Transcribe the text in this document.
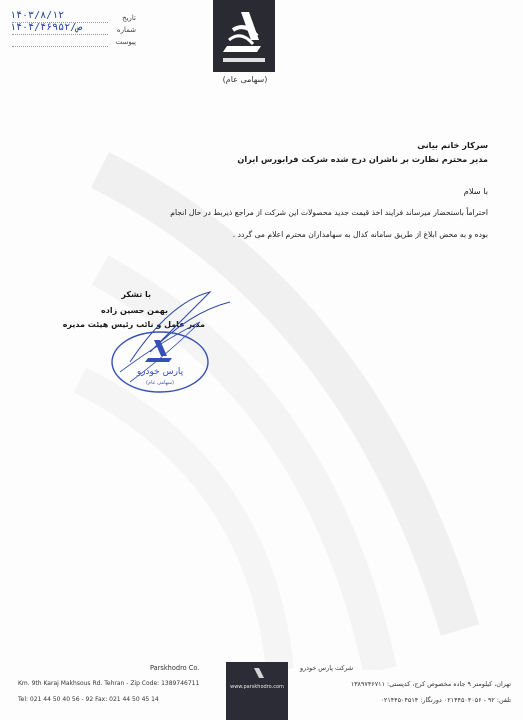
تاریخ
۱۴۰۳/۸/۱۲
شماره
۱۴۰۴/ص/۴۶۹۵۲
پیوست
(سهامی عام)
سرکار خانم بیانی
مدیر محترم نظارت بر ناشران درج شده شرکت فرابورس ایران
با سلام
احتراماً باستحضار میرساند فرایند اخذ قیمت جدید محصولات این شرکت از مراجع ذیربط در حال انجام
بوده و به محض ابلاغ از طریق سامانه کدال به سهامداران محترم اعلام می گردد .
با تشکر
بهمن حسین زاده
مدیر عامل و نائب رئیس هیئت مدیره
پارس خودرو
(سهامی عام)
www.parskhodro.com
Parskhodro Co.
Km. 9th Karaj Makhsous Rd. Tehran - Zip Code: 1389746711
Tel: 021 44 50 40 56 - 92 Fax: 021 44 50 45 14
شرکت پارس خودرو
تهران، کیلومتر ۹ جاده مخصوص کرج، کدپستی: ۱۳۸۹۷۴۶۷۱۱
تلفن: ۹۲ - ۰۲۱۴۴۵۰۴۰۵۶ دورنگار: ۰۲۱۴۴۵۰۴۵۱۴
